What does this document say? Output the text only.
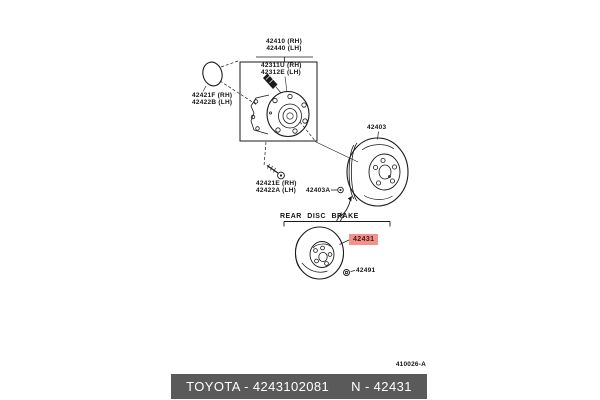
42410 (RH)
42440 (LH)
42311U (RH)
42312E (LH)
42421F (RH)
42422B (LH)
42421E (RH)
42422A (LH) 42403A
42403
REAR DISC BRAKE
42431
42491
410026-A
TOYOTA - 4243102081 N - 42431
